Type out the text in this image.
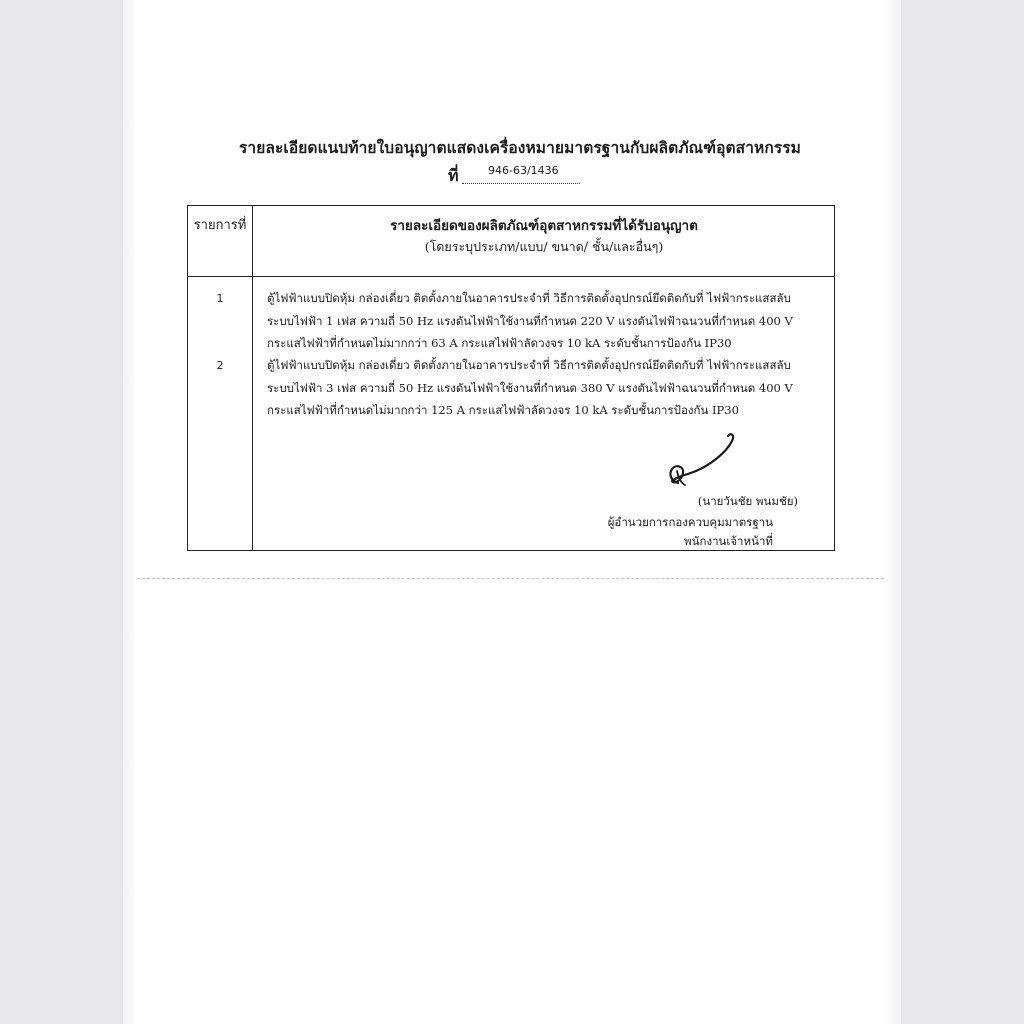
รายละเอียดแนบท้ายใบอนุญาตแสดงเครื่องหมายมาตรฐานกับผลิตภัณฑ์อุตสาหกรรม
ที่	946-63/1436
รายการที่	รายละเอียดของผลิตภัณฑ์อุตสาหกรรมที่ได้รับอนุญาต
(โดยระบุประเภท/แบบ/ ขนาด/ ชั้น/และอื่นๆ)
1	ตู้ไฟฟ้าแบบปิดหุ้ม กล่องเดี่ยว ติดตั้งภายในอาคารประจำที่ วิธีการติดตั้งอุปกรณ์ยึดติดกับที่ ไฟฟ้ากระแสสลับ
ระบบไฟฟ้า 1 เฟส ความถี่ 50 Hz แรงดันไฟฟ้าใช้งานที่กำหนด 220 V แรงดันไฟฟ้าฉนวนที่กำหนด 400 V
กระแสไฟฟ้าที่กำหนดไม่มากกว่า 63 A กระแสไฟฟ้าลัดวงจร 10 kA ระดับชั้นการป้องกัน IP30
2	ตู้ไฟฟ้าแบบปิดหุ้ม กล่องเดี่ยว ติดตั้งภายในอาคารประจำที่ วิธีการติดตั้งอุปกรณ์ยึดติดกับที่ ไฟฟ้ากระแสสลับ
ระบบไฟฟ้า 3 เฟส ความถี่ 50 Hz แรงดันไฟฟ้าใช้งานที่กำหนด 380 V แรงดันไฟฟ้าฉนวนที่กำหนด 400 V
กระแสไฟฟ้าที่กำหนดไม่มากกว่า 125 A กระแสไฟฟ้าลัดวงจร 10 kA ระดับชั้นการป้องกัน IP30
(นายวันชัย พนมชัย)
ผู้อำนวยการกองควบคุมมาตรฐาน
พนักงานเจ้าหน้าที่
